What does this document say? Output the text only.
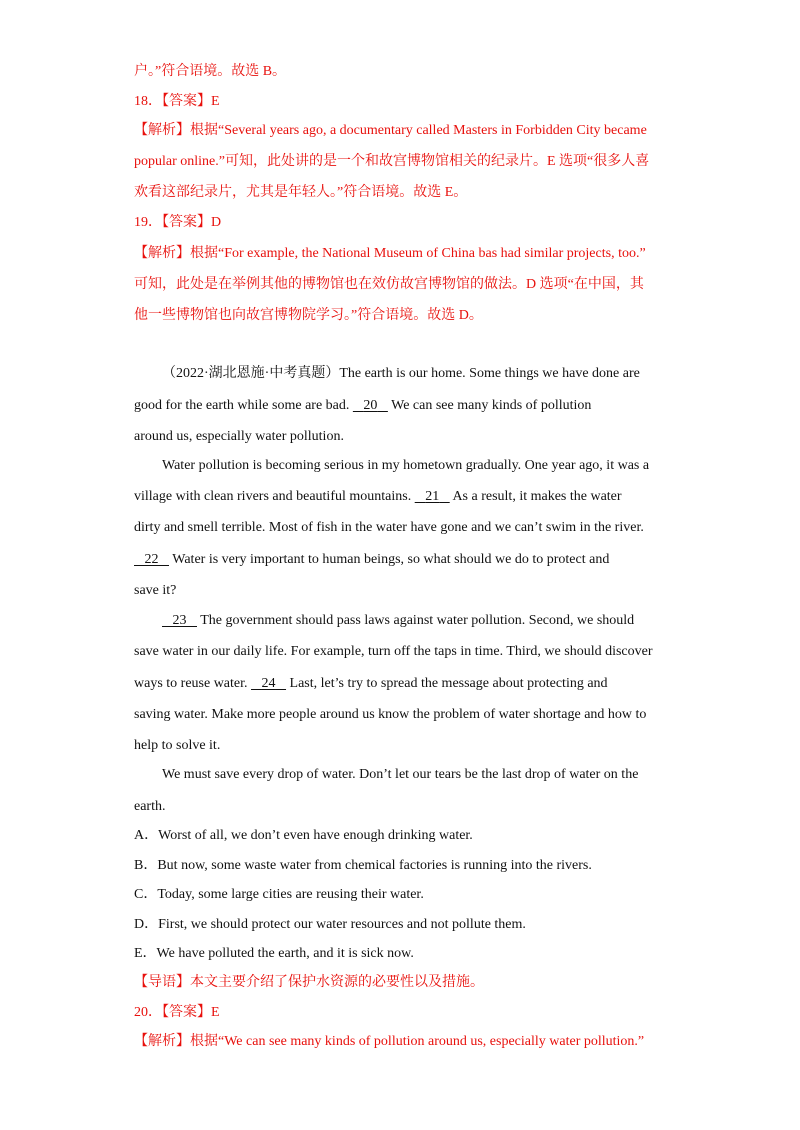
户。”符合语境。故选 B。
18．【答案】E
【解析】根据“Several years ago, a documentary called Masters in Forbidden City became
popular online.”可知，此处讲的是一个和故宫博物馆相关的纪录片。E 选项“很多人喜
欢看这部纪录片，尤其是年轻人。”符合语境。故选 E。
19．【答案】D
【解析】根据“For example, the National Museum of China bas had similar projects, too.”
可知，此处是在举例其他的博物馆也在效仿故宫博物馆的做法。D 选项“在中国，其
他一些博物馆也向故宫博物院学习。”符合语境。故选 D。
（2022·湖北恩施·中考真题）The earth is our home. Some things we have done are
good for the earth while some are bad. 20 We can see many kinds of pollution
around us, especially water pollution.
Water pollution is becoming serious in my hometown gradually. One year ago, it was a
village with clean rivers and beautiful mountains. 21 As a result, it makes the water
dirty and smell terrible. Most of fish in the water have gone and we can’t swim in the river.
22 Water is very important to human beings, so what should we do to protect and
save it?
23 The government should pass laws against water pollution. Second, we should
save water in our daily life. For example, turn off the taps in time. Third, we should discover
ways to reuse water. 24 Last, let’s try to spread the message about protecting and
saving water. Make more people around us know the problem of water shortage and how to
help to solve it.
We must save every drop of water. Don’t let our tears be the last drop of water on the
earth.
A．Worst of all, we don’t even have enough drinking water.
B．But now, some waste water from chemical factories is running into the rivers.
C．Today, some large cities are reusing their water.
D．First, we should protect our water resources and not pollute them.
E．We have polluted the earth, and it is sick now.
【导语】本文主要介绍了保护水资源的必要性以及措施。
20．【答案】E
【解析】根据“We can see many kinds of pollution around us, especially water pollution.”
